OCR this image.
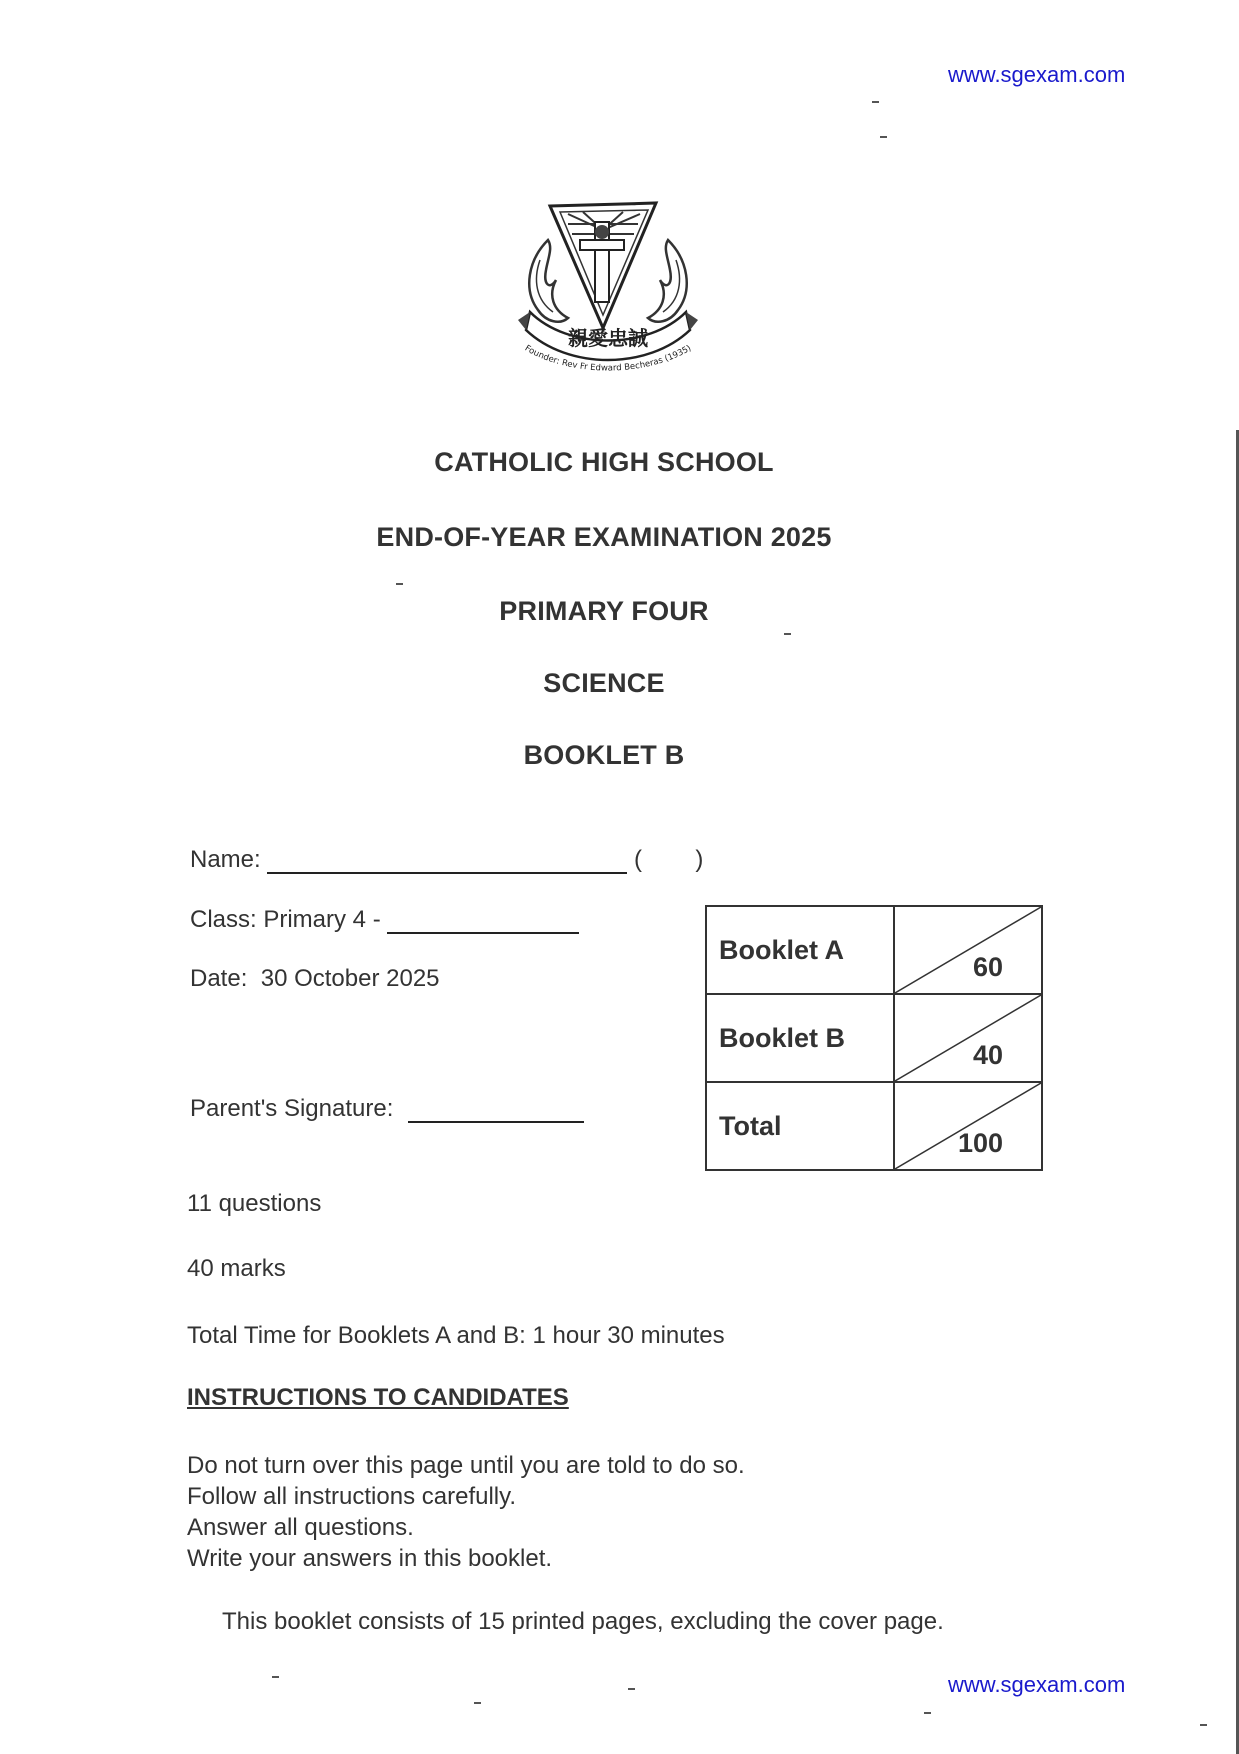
www.sgexam.com
親愛忠誠
Founder: Rev Fr Edward Becheras (1935)
CATHOLIC HIGH SCHOOL
END-OF-YEAR EXAMINATION 2025
PRIMARY FOUR
SCIENCE
BOOKLET B
Name:	( )
Class: Primary 4 -
Date: 30 October 2025
Parent's Signature:
Booklet A	60

Booklet B	40

Total	100
11 questions
40 marks
Total Time for Booklets A and B: 1 hour 30 minutes
INSTRUCTIONS TO CANDIDATES
Do not turn over this page until you are told to do so.
Follow all instructions carefully.
Answer all questions.
Write your answers in this booklet.
This booklet consists of 15 printed pages, excluding the cover page.
www.sgexam.com
